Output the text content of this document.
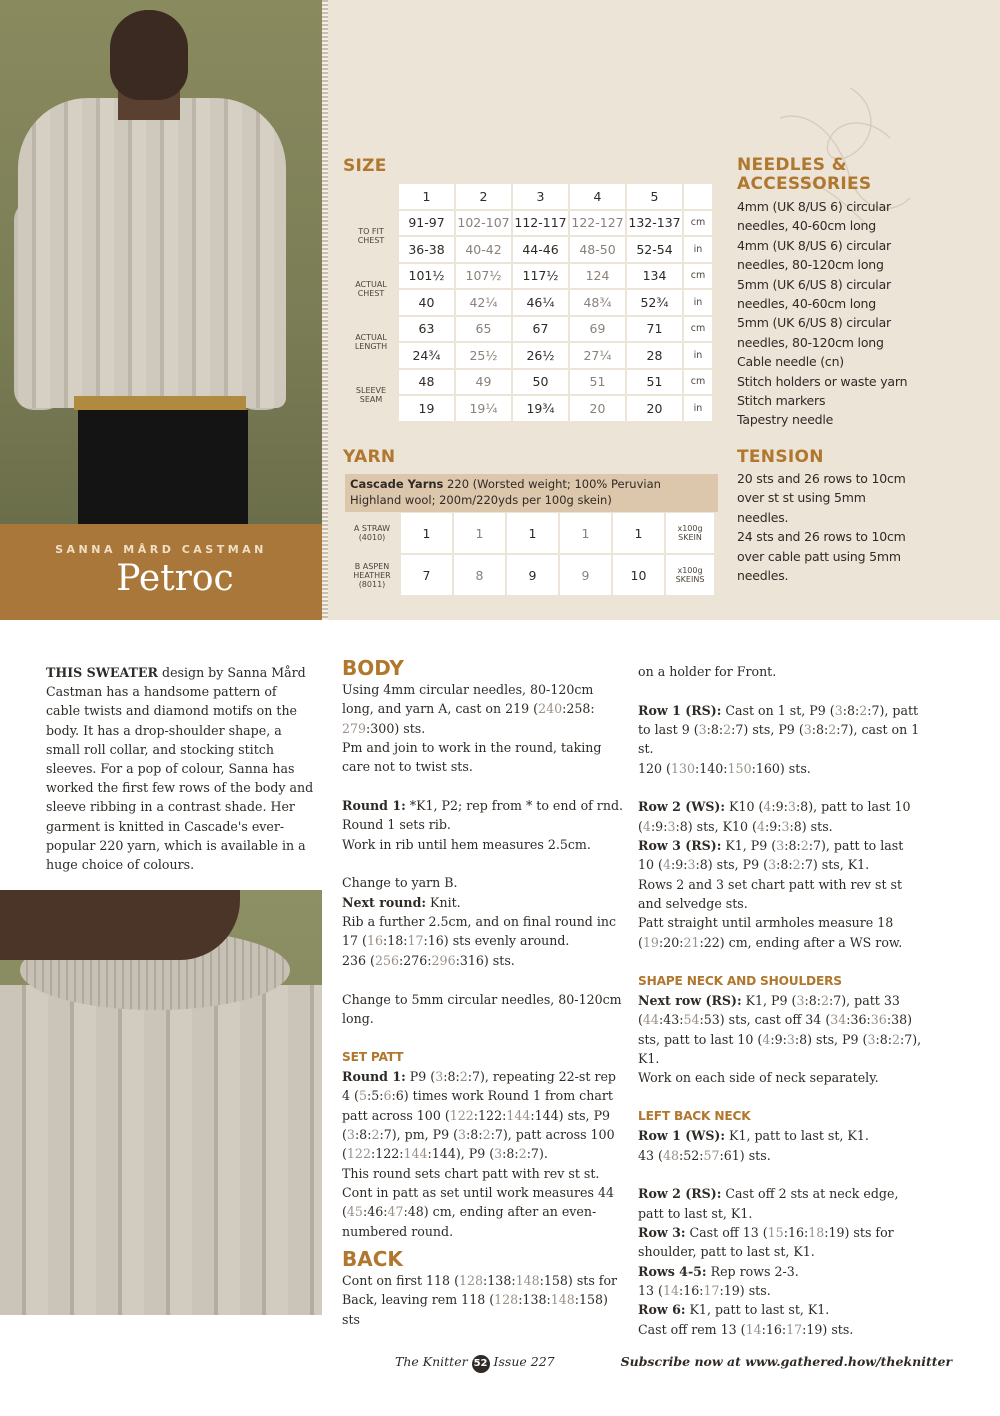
SANNA MÅRD CASTMAN
Petroc
SIZE
	1	2	3	4	5	
TO FIT CHEST	91-97	102-107	112-117	122-127	132-137	cm
	36-38	40-42	44-46	48-50	52-54	in
ACTUAL CHEST	101½	107½	117½	124	134	cm
	40	42¼	46¼	48¾	52¾	in
ACTUAL LENGTH	63	65	67	69	71	cm
	24¾	25½	26½	27¼	28	in
SLEEVE SEAM	48	49	50	51	51	cm
	19	19¼	19¾	20	20	in
YARN
Cascade Yarns 220 (Worsted weight; 100% Peruvian Highland wool; 200m/220yds per 100g skein)
A STRAW (4010)	1	1	1	1	1	x100g SKEIN
B ASPEN HEATHER (8011)	7	8	9	9	10	x100g SKEINS
NEEDLES &
ACCESSORIES
4mm (UK 8/US 6) circular
needles, 40-60cm long
4mm (UK 8/US 6) circular
needles, 80-120cm long
5mm (UK 6/US 8) circular
needles, 40-60cm long
5mm (UK 6/US 8) circular
needles, 80-120cm long
Cable needle (cn)
Stitch holders or waste yarn
Stitch markers
Tapestry needle
TENSION
20 sts and 26 rows to 10cm
over st st using 5mm
needles.
24 sts and 26 rows to 10cm
over cable patt using 5mm
needles.
THIS SWEATER design by Sanna Mård Castman has a handsome pattern of cable twists and diamond motifs on the body. It has a drop-shoulder shape, a small roll collar, and stocking stitch sleeves. For a pop of colour, Sanna has worked the first few rows of the body and sleeve ribbing in a contrast shade. Her garment is knitted in Cascade's ever-popular 220 yarn, which is available in a huge choice of colours.
BODY

Using 4mm circular needles, 80-120cm long, and yarn A, cast on 219 (240:258:
279:300) sts.

Pm and join to work in the round, taking care not to twist sts.

Round 1: *K1, P2; rep from * to end of rnd.

Round 1 sets rib.

Work in rib until hem measures 2.5cm.

Change to yarn B.

Next round: Knit.

Rib a further 2.5cm, and on final round inc 17 (16:18:17:16) sts evenly around.

236 (256:276:296:316) sts.

Change to 5mm circular needles, 80-120cm long.

SET PATT

Round 1: P9 (3:8:2:7), repeating 22-st rep 4 (5:5:6:6) times work Round 1 from chart patt across 100 (122:122:144:144) sts, P9 (3:8:2:7), pm, P9 (3:8:2:7), patt across 100 (122:122:144:144), P9 (3:8:2:7).

This round sets chart patt with rev st st.

Cont in patt as set until work measures 44 (45:46:47:48) cm, ending after an even-numbered round.

BACK

Cont on first 118 (128:138:148:158) sts for Back, leaving rem 118 (128:138:148:158) sts

on a holder for Front.

Row 1 (RS): Cast on 1 st, P9 (3:8:2:7), patt to last 9 (3:8:2:7) sts, P9 (3:8:2:7), cast on 1 st.

120 (130:140:150:160) sts.

Row 2 (WS): K10 (4:9:3:8), patt to last 10 (4:9:3:8) sts, K10 (4:9:3:8) sts.

Row 3 (RS): K1, P9 (3:8:2:7), patt to last 10 (4:9:3:8) sts, P9 (3:8:2:7) sts, K1.

Rows 2 and 3 set chart patt with rev st st and selvedge sts.

Patt straight until armholes measure 18 (19:20:21:22) cm, ending after a WS row.

SHAPE NECK AND SHOULDERS

Next row (RS): K1, P9 (3:8:2:7), patt 33 (44:43:54:53) sts, cast off 34 (34:36:36:38) sts, patt to last 10 (4:9:3:8) sts, P9 (3:8:2:7), K1.

Work on each side of neck separately.

LEFT BACK NECK

Row 1 (WS): K1, patt to last st, K1.

43 (48:52:57:61) sts.

Row 2 (RS): Cast off 2 sts at neck edge, patt to last st, K1.

Row 3: Cast off 13 (15:16:18:19) sts for shoulder, patt to last st, K1.

Rows 4-5: Rep rows 2-3.

13 (14:16:17:19) sts.

Row 6: K1, patt to last st, K1.

Cast off rem 13 (14:16:17:19) sts.

The Knitter 52 Issue 227	Subscribe now at www.gathered.how/theknitter
